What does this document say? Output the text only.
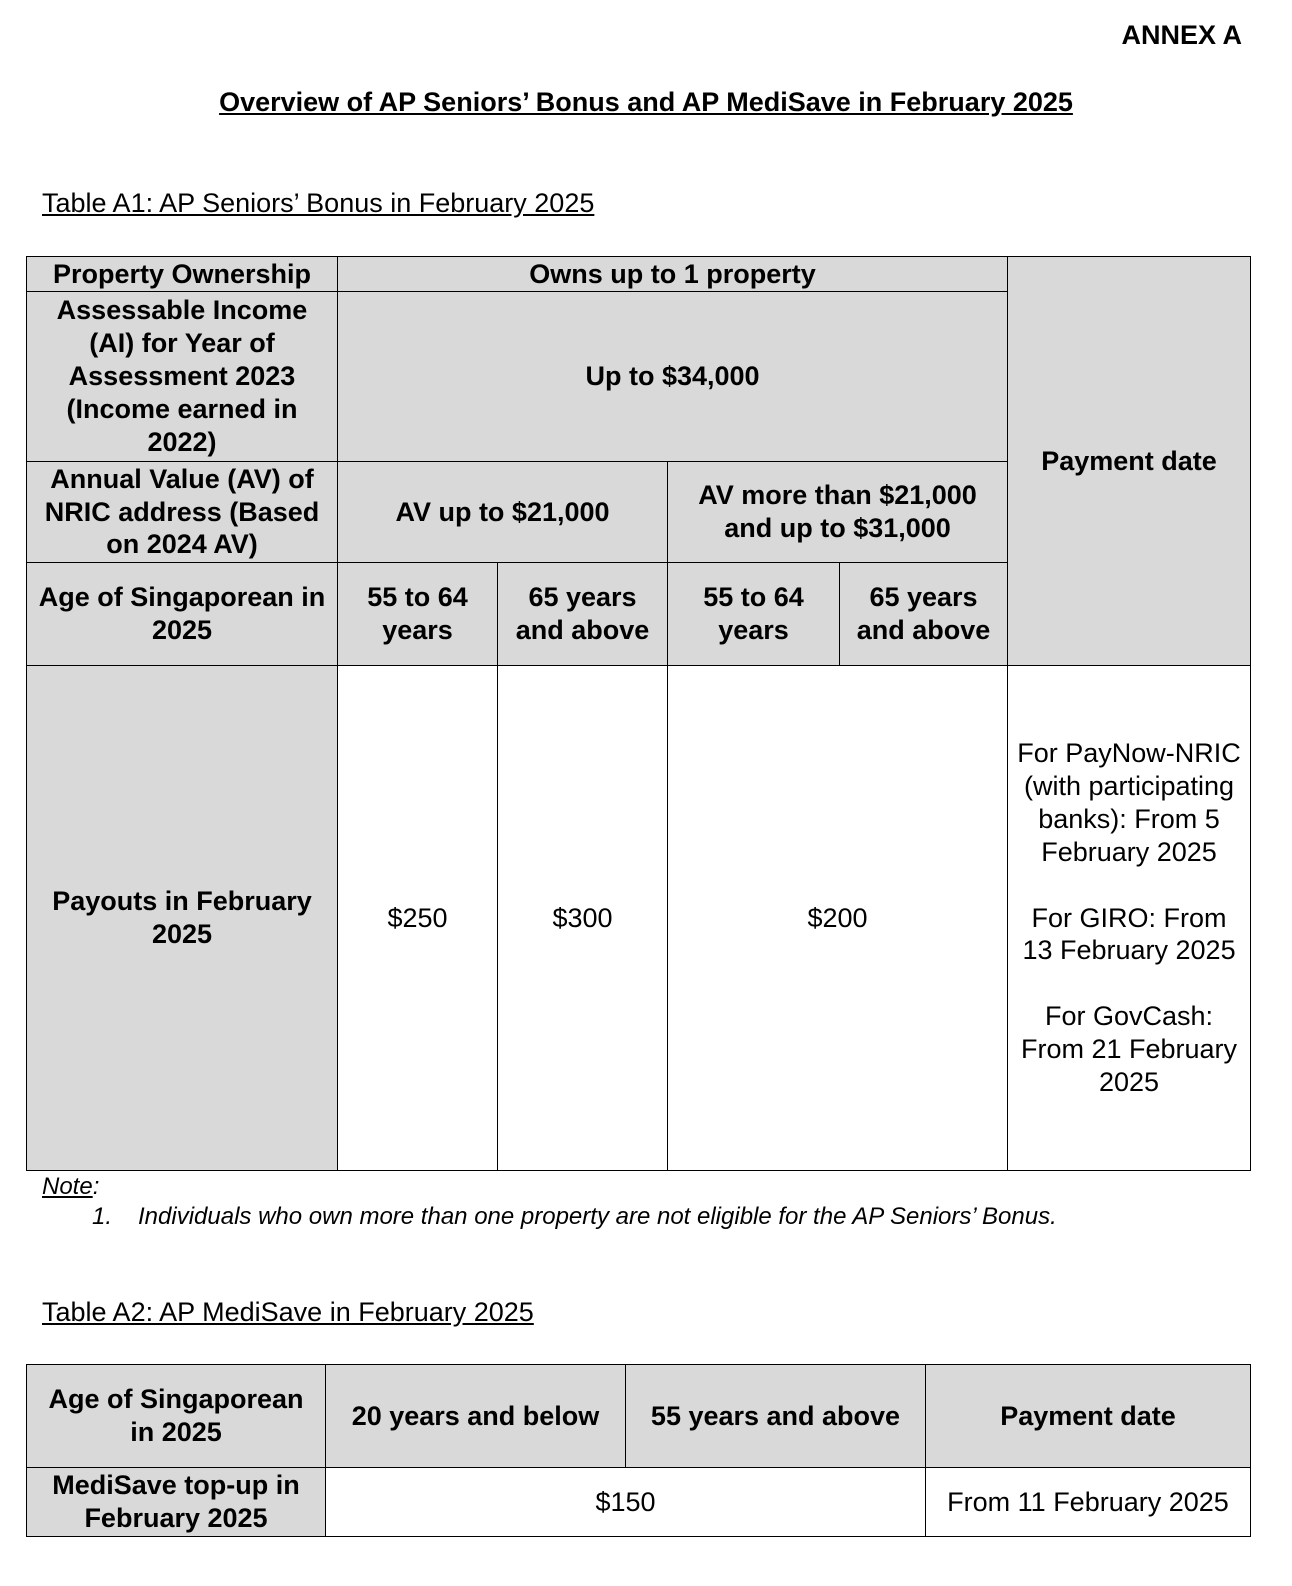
ANNEX A
Overview of AP Seniors’ Bonus and AP MediSave in February 2025
Table A1: AP Seniors’ Bonus in February 2025
Property Ownership	Owns up to 1 property				Payment date
Assessable Income (AI) for Year of Assessment 2023 (Income earned in 2022)	Up to $34,000				
Annual Value (AV) of NRIC address (Based on 2024 AV)	AV up to $21,000		AV more than $21,000 and up to $31,000		
Age of Singaporean in 2025	55 to 64 years	65 years and above	55 to 64 years	65 years and above	
Payouts in February 2025	$250	$300	$200		For PayNow-NRIC (with participating banks): From 5 February 2025
For GIRO: From 13 February 2025
For GovCash: From 21 February 2025
Note:
1. Individuals who own more than one property are not eligible for the AP Seniors’ Bonus.
Table A2: AP MediSave in February 2025
Age of Singaporean in 2025	20 years and below	55 years and above	Payment date
MediSave top-up in February 2025	$150		From 11 February 2025
